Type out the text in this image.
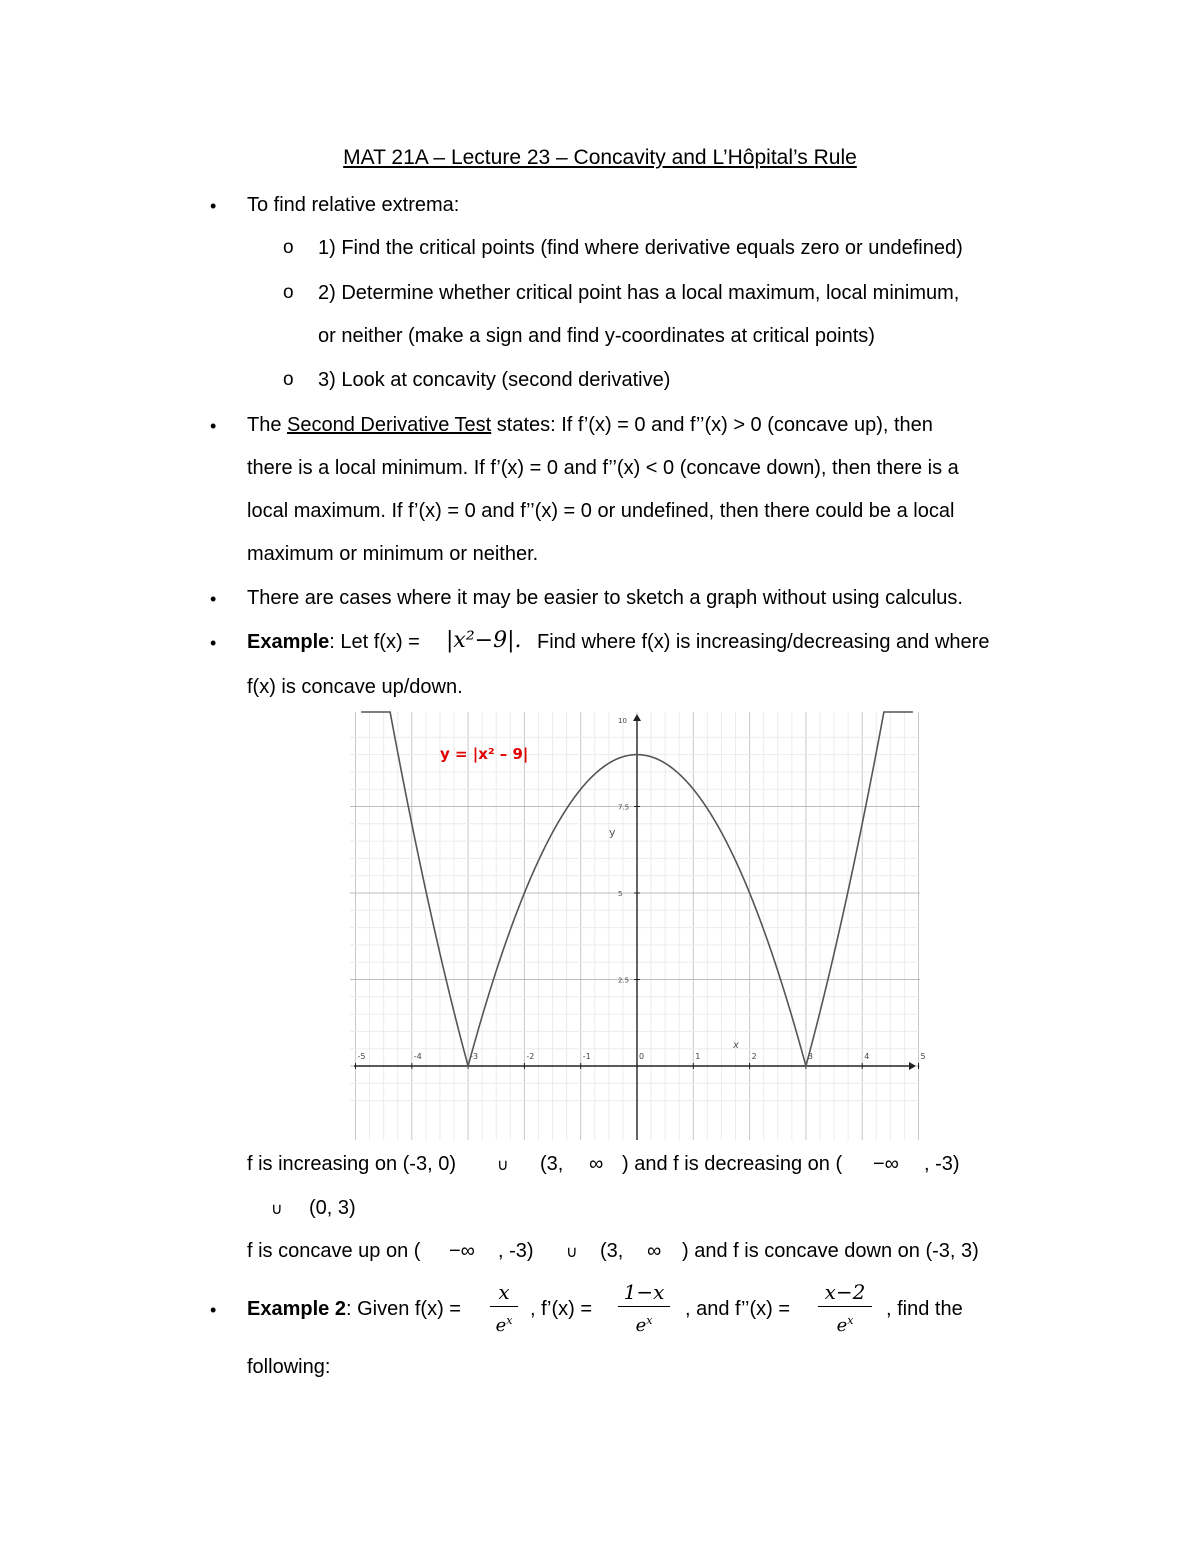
MAT 21A – Lecture 23 – Concavity and L’Hôpital’s Rule
• To find relative extrema:
o 1) Find the critical points (find where derivative equals zero or undefined)
o 2) Determine whether critical point has a local maximum, local minimum,
or neither (make a sign and find y-coordinates at critical points)
o 3) Look at concavity (second derivative)
• The Second Derivative Test states: If f’(x) = 0 and f’’(x) > 0 (concave up), then
there is a local minimum. If f’(x) = 0 and f’’(x) < 0 (concave down), then there is a
local maximum. If f’(x) = 0 and f’’(x) = 0 or undefined, then there could be a local
maximum or minimum or neither.
• There are cases where it may be easier to sketch a graph without using calculus.
• Example: Let f(x) = |x²−9|. Find where f(x) is increasing/decreasing and where
f(x) is concave up/down.
-5	-4	-3	-2	-1	0	1	2	3	4	5
2.5
5
7.5
10
y = |x² – 9|
y
x
f is increasing on (-3, 0)	∪ (3, ∞ ) and f is decreasing on ( −∞ , -3)
∪ (0, 3)
f is concave up on ( −∞ , -3) ∪ (3, ∞ ) and f is concave down on (-3, 3)
• Example 2: Given f(x) =
x
$e^x$
, f’(x) =
1−x
$e^x$
, and f’’(x) =
x−2
$e^x$
, find the
following:
